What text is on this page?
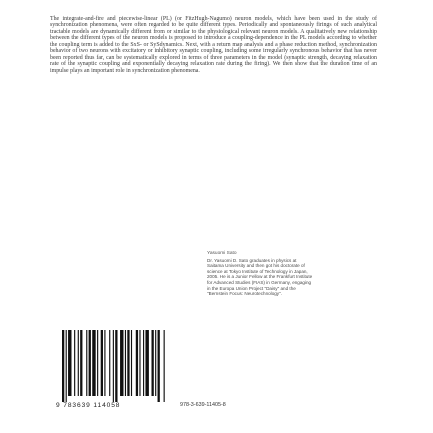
The integrate-and-fire and piecewise-linear (PL) (or FitzHugh-Nagumo) neuron models, which have been used in the study of synchronization phenomena, were often regarded to be quite different types. Periodically and spontaneously firings of such analytical tractable models are dynamically different from or similar to the physiological relevant neuron models. A qualitatively new relationship between the different types of the neuron models is proposed to introduce a coupling-dependence in the PL models according to whether the coupling term is added to the SxS- or SySdynamics. Next, with a return map analysis and a phase reduction method, synchronization behavior of two neurons with excitatory or inhibitory synaptic coupling, including some irregularly synchronous behavior that has never been reported thus far, can be systematically explored in terms of three parameters in the model (synaptic strength, decaying relaxation rate of the synaptic coupling and exponentially decaying relaxation rate during the firing). We then show that the duration time of an impulse plays an important role in synchronization phenomena.

Yasuomi Sato
Dr. Yasuomi D. Sato graduates in physics at Saitama University and then got his doctorate of science at Tokyo Institute of Technology in Japan, 2005. He is a Junior Fellow at the Frankfurt Institute for Advanced Studies (FIAS) in Germany, engaging in the Europa Union Project "Daisy" and the "Bernstein Focus: Neurotechnology".
9 783639 114058	978-3-639-11405-8
